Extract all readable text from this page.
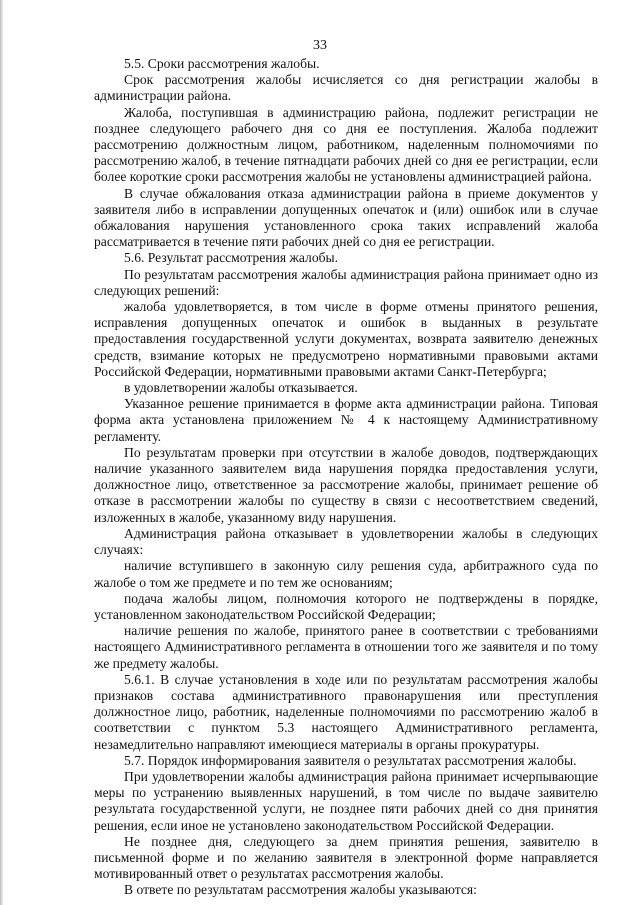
33

5.5. Сроки рассмотрения жалобы.

Срок рассмотрения жалобы исчисляется со дня регистрации жалобы в администрации района.

Жалоба, поступившая в администрацию района, подлежит регистрации не позднее следующего рабочего дня со дня ее поступления. Жалоба подлежит рассмотрению должностным лицом, работником, наделенным полномочиями по рассмотрению жалоб, в течение пятнадцати рабочих дней со дня ее регистрации, если более короткие сроки рассмотрения жалобы не установлены администрацией района.

В случае обжалования отказа администрации района в приеме документов у заявителя либо в исправлении допущенных опечаток и (или) ошибок или в случае обжалования нарушения установленного срока таких исправлений жалоба рассматривается в течение пяти рабочих дней со дня ее регистрации.

5.6. Результат рассмотрения жалобы.

По результатам рассмотрения жалобы администрация района принимает одно из следующих решений:

жалоба удовлетворяется, в том числе в форме отмены принятого решения, исправления допущенных опечаток и ошибок в выданных в результате предоставления государственной услуги документах, возврата заявителю денежных средств, взимание которых не предусмотрено нормативными правовыми актами Российской Федерации, нормативными правовыми актами Санкт-Петербурга;

в удовлетворении жалобы отказывается.

Указанное решение принимается в форме акта администрации района. Типовая форма акта установлена приложением № 4 к настоящему Административному регламенту.

По результатам проверки при отсутствии в жалобе доводов, подтверждающих наличие указанного заявителем вида нарушения порядка предоставления услуги, должностное лицо, ответственное за рассмотрение жалобы, принимает решение об отказе в рассмотрении жалобы по существу в связи с несоответствием сведений, изложенных в жалобе, указанному виду нарушения.

Администрация района отказывает в удовлетворении жалобы в следующих случаях:

наличие вступившего в законную силу решения суда, арбитражного суда по жалобе о том же предмете и по тем же основаниям;

подача жалобы лицом, полномочия которого не подтверждены в порядке, установленном законодательством Российской Федерации;

наличие решения по жалобе, принятого ранее в соответствии с требованиями настоящего Административного регламента в отношении того же заявителя и по тому же предмету жалобы.

5.6.1. В случае установления в ходе или по результатам рассмотрения жалобы признаков состава административного правонарушения или преступления должностное лицо, работник, наделенные полномочиями по рассмотрению жалоб в соответствии с пунктом 5.3 настоящего Административного регламента, незамедлительно направляют имеющиеся материалы в органы прокуратуры.

5.7. Порядок информирования заявителя о результатах рассмотрения жалобы.

При удовлетворении жалобы администрация района принимает исчерпывающие меры по устранению выявленных нарушений, в том числе по выдаче заявителю результата государственной услуги, не позднее пяти рабочих дней со дня принятия решения, если иное не установлено законодательством Российской Федерации.

Не позднее дня, следующего за днем принятия решения, заявителю в письменной форме и по желанию заявителя в электронной форме направляется мотивированный ответ о результатах рассмотрения жалобы.

В ответе по результатам рассмотрения жалобы указываются:
